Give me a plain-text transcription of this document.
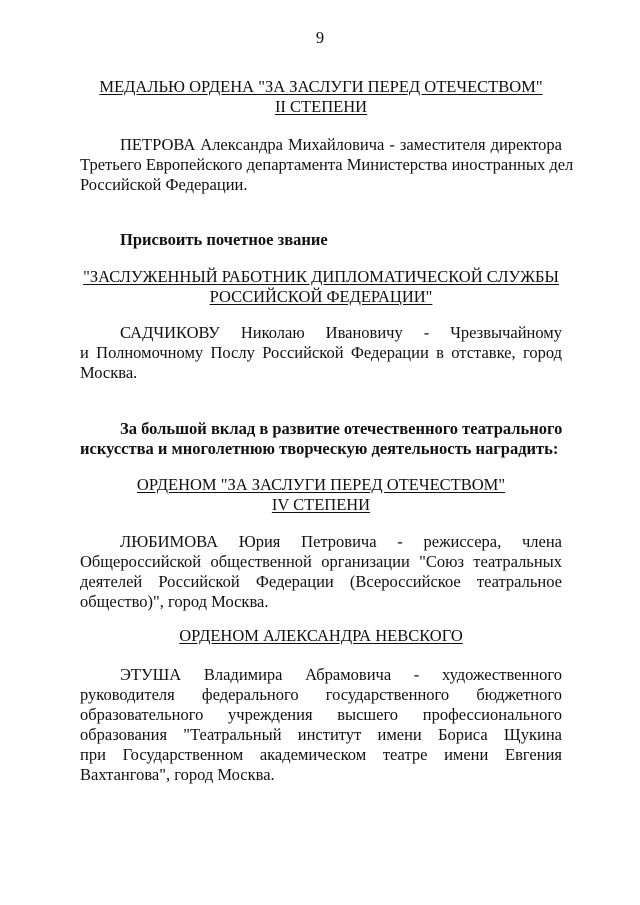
9
МЕДАЛЬЮ ОРДЕНА "ЗА ЗАСЛУГИ ПЕРЕД ОТЕЧЕСТВОМ"
II СТЕПЕНИ
ПЕТРОВА Александра Михайловича - заместителя директора
Третьего Европейского департамента Министерства иностранных дел
Российской Федерации.
Присвоить почетное звание
"ЗАСЛУЖЕННЫЙ РАБОТНИК ДИПЛОМАТИЧЕСКОЙ СЛУЖБЫ
РОССИЙСКОЙ ФЕДЕРАЦИИ"
САДЧИКОВУ Николаю Ивановичу - Чрезвычайному
и Полномочному Послу Российской Федерации в отставке, город
Москва.
За большой вклад в развитие отечественного театрального
искусства и многолетнюю творческую деятельность наградить:
ОРДЕНОМ "ЗА ЗАСЛУГИ ПЕРЕД ОТЕЧЕСТВОМ"
IV СТЕПЕНИ
ЛЮБИМОВА Юрия Петровича - режиссера, члена
Общероссийской общественной организации "Союз театральных
деятелей Российской Федерации (Всероссийское театральное
общество)", город Москва.
ОРДЕНОМ АЛЕКСАНДРА НЕВСКОГО
ЭТУША Владимира Абрамовича - художественного
руководителя федерального государственного бюджетного
образовательного учреждения высшего профессионального
образования "Театральный институт имени Бориса Щукина
при Государственном академическом театре имени Евгения
Вахтангова", город Москва.
